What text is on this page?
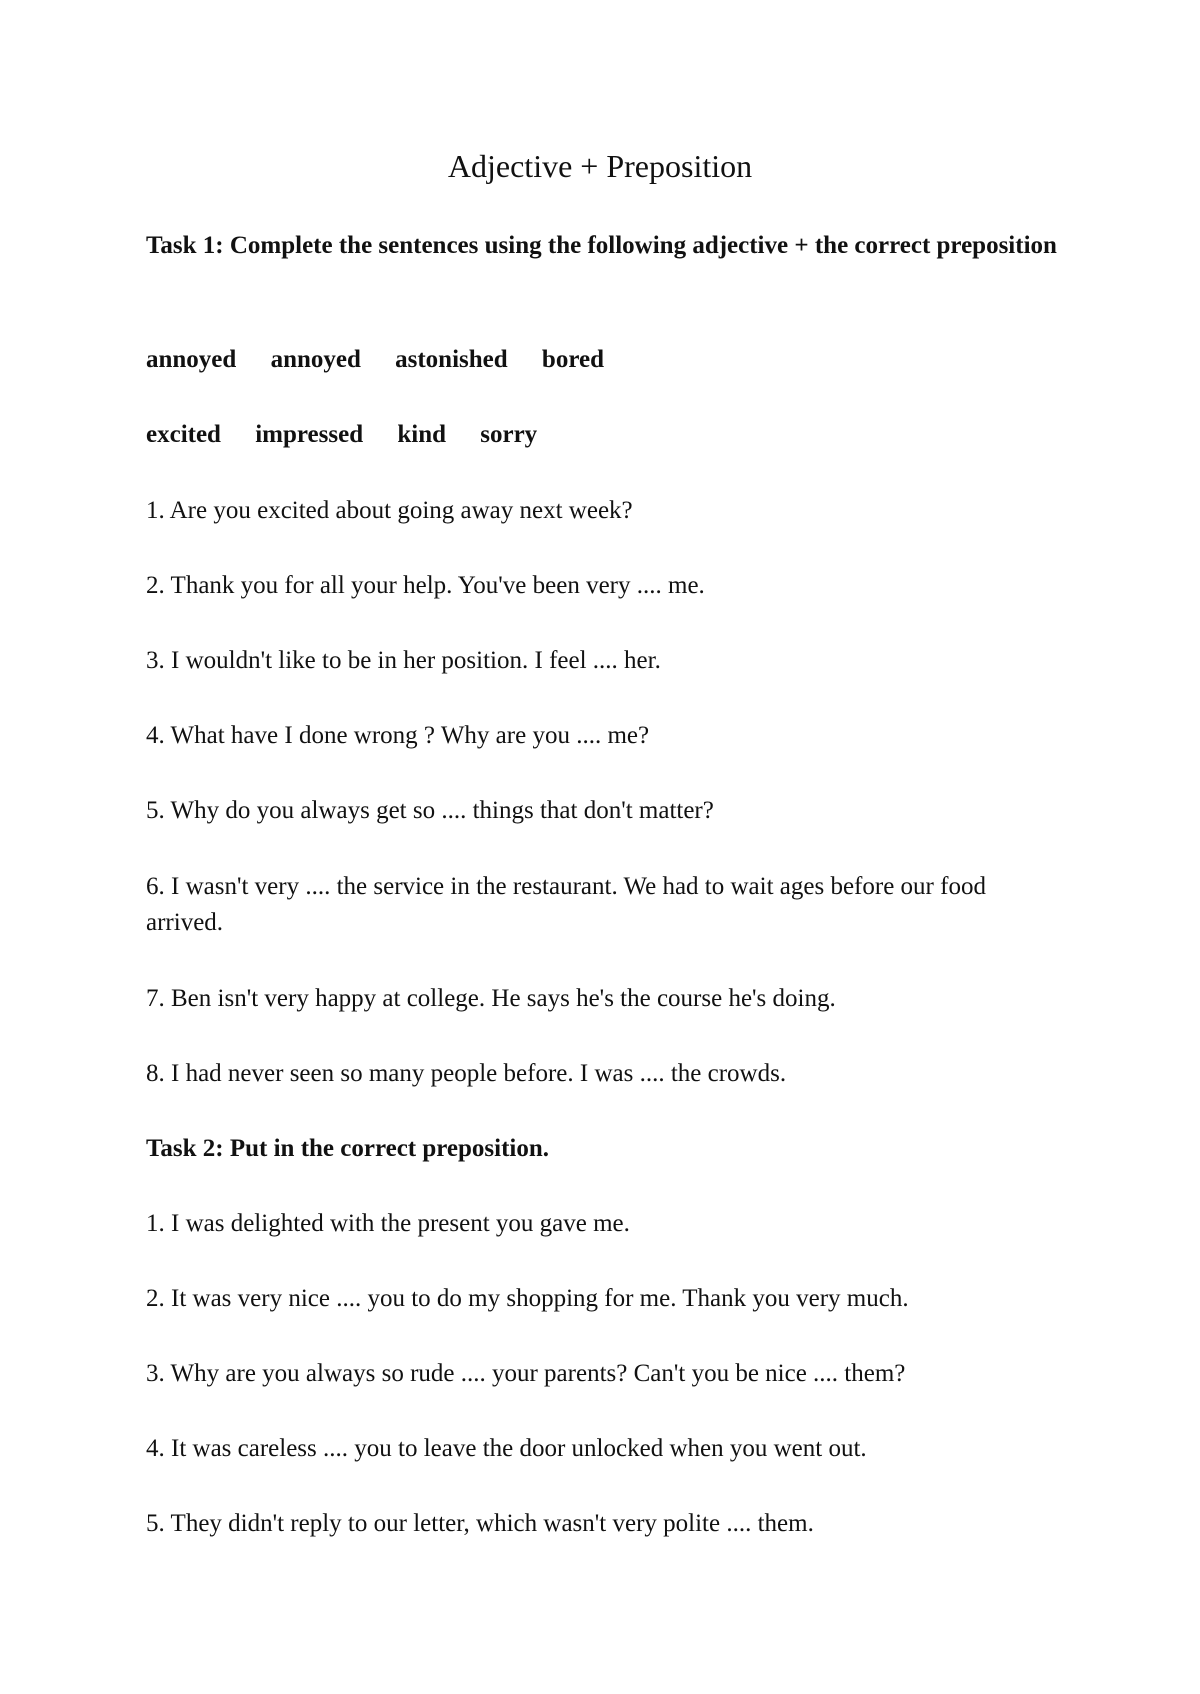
Adjective + Preposition

Task 1: Complete the sentences using the following adjective + the correct preposition

annoyed annoyed astonished bored
excited impressed kind sorry

1. Are you excited about going away next week?

2. Thank you for all your help. You've been very .... me.

3. I wouldn't like to be in her position. I feel .... her.

4. What have I done wrong ? Why are you .... me?

5. Why do you always get so .... things that don't matter?

6. I wasn't very .... the service in the restaurant. We had to wait ages before our food arrived.

7. Ben isn't very happy at college. He says he's the course he's doing.

8. I had never seen so many people before. I was .... the crowds.

Task 2: Put in the correct preposition.

1. I was delighted with the present you gave me.

2. It was very nice .... you to do my shopping for me. Thank you very much.

3. Why are you always so rude .... your parents? Can't you be nice .... them?

4. It was careless .... you to leave the door unlocked when you went out.

5. They didn't reply to our letter, which wasn't very polite .... them.
